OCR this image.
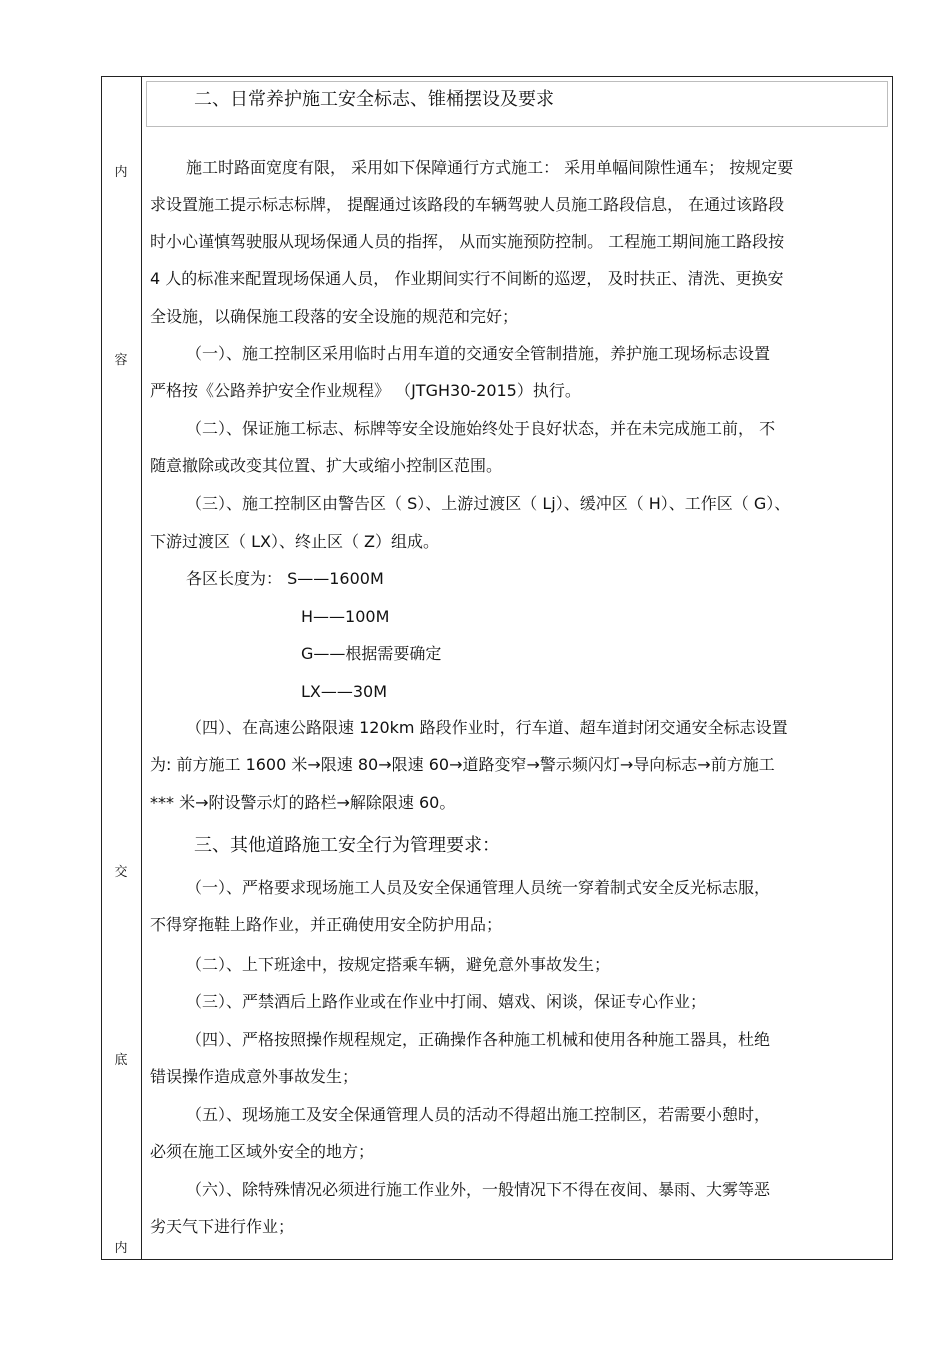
内
容
交
底
内
二、日常养护施工安全标志、锥桶摆设及要求
施工时路面宽度有限， 采用如下保障通行方式施工： 采用单幅间隙性通车； 按规定要
求设置施工提示标志标牌， 提醒通过该路段的车辆驾驶人员施工路段信息， 在通过该路段
时小心谨慎驾驶服从现场保通人员的指挥， 从而实施预防控制。 工程施工期间施工路段按
4 人的标准来配置现场保通人员， 作业期间实行不间断的巡逻， 及时扶正、清洗、更换安
全设施，以确保施工段落的安全设施的规范和完好；
（一）、施工控制区采用临时占用车道的交通安全管制措施，养护施工现场标志设置
严格按《公路养护安全作业规程》 （JTGH30-2015）执行。
（二）、保证施工标志、标牌等安全设施始终处于良好状态，并在未完成施工前， 不
随意撤除或改变其位置、扩大或缩小控制区范围。
（三）、施工控制区由警告区（ S）、上游过渡区（ Lj）、缓冲区（ H）、工作区（ G）、
下游过渡区（ LX）、终止区（ Z）组成。
各区长度为： S——1600M
H——100M
G——根据需要确定
LX——30M
（四）、在高速公路限速 120km 路段作业时，行车道、超车道封闭交通安全标志设置
为: 前方施工 1600 米→限速 80→限速 60→道路变窄→警示频闪灯→导向标志→前方施工
*** 米→附设警示灯的路栏→解除限速 60。
三、其他道路施工安全行为管理要求：
（一）、严格要求现场施工人员及安全保通管理人员统一穿着制式安全反光标志服，
不得穿拖鞋上路作业，并正确使用安全防护用品；
（二）、上下班途中，按规定搭乘车辆，避免意外事故发生；
（三）、严禁酒后上路作业或在作业中打闹、嬉戏、闲谈，保证专心作业；
（四）、严格按照操作规程规定，正确操作各种施工机械和使用各种施工器具，杜绝
错误操作造成意外事故发生；
（五）、现场施工及安全保通管理人员的活动不得超出施工控制区，若需要小憩时，
必须在施工区域外安全的地方；
（六）、除特殊情况必须进行施工作业外，一般情况下不得在夜间、暴雨、大雾等恶
劣天气下进行作业；
